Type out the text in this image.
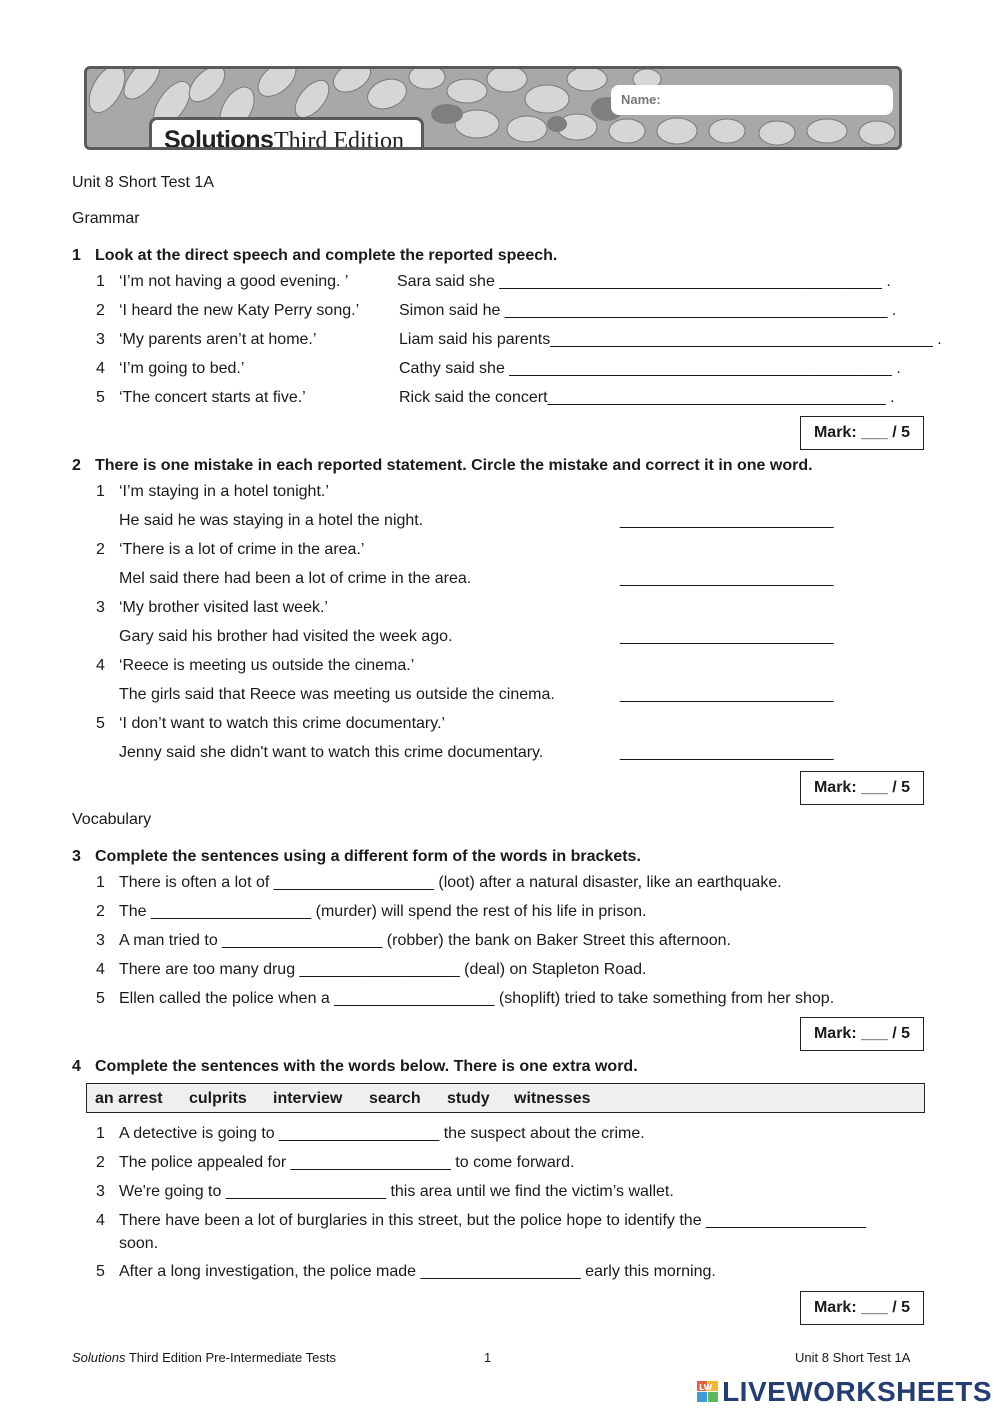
Name:
Solutions Third Edition
Unit 8 Short Test 1A
Grammar
1 Look at the direct speech and complete the reported speech.
1 ‘I’m not having a good evening. ’	Sara said she ___________________________________________ .
2 ‘I heard the new Katy Perry song.’ Simon said he ___________________________________________ .
3 ‘My parents aren’t at home.’	Liam said his parents___________________________________________ .
4 ‘I’m going to bed.’	Cathy said she ___________________________________________ .
5 ‘The concert starts at five.’	Rick said the concert______________________________________ .
Mark: ___ / 5
2 There is one mistake in each reported statement. Circle the mistake and correct it in one word.
1 ‘I’m staying in a hotel tonight.’
He said he was staying in a hotel the night.	________________________
2 ‘There is a lot of crime in the area.’
Mel said there had been a lot of crime in the area.	________________________
3 ‘My brother visited last week.’
Gary said his brother had visited the week ago.	________________________
4 ‘Reece is meeting us outside the cinema.’
The girls said that Reece was meeting us outside the cinema.	________________________
5 ‘I don’t want to watch this crime documentary.’
Jenny said she didn't want to watch this crime documentary.	________________________
Mark: ___ / 5
Vocabulary
3 Complete the sentences using a different form of the words in brackets.
1 There is often a lot of __________________ (loot) after a natural disaster, like an earthquake.
2 The __________________ (murder) will spend the rest of his life in prison.
3 A man tried to __________________ (robber) the bank on Baker Street this afternoon.
4 There are too many drug __________________ (deal) on Stapleton Road.
5 Ellen called the police when a __________________ (shoplift) tried to take something from her shop.
Mark: ___ / 5
4 Complete the sentences with the words below. There is one extra word.
an arrest culprits interview search study witnesses
1 A detective is going to __________________ the suspect about the crime.
2 The police appealed for __________________ to come forward.
3 We're going to __________________ this area until we find the victim’s wallet.
4 There have been a lot of burglaries in this street, but the police hope to identify the __________________
soon.
5 After a long investigation, the police made __________________ early this morning.
Mark: ___ / 5
Solutions Third Edition Pre-Intermediate Tests	1	Unit 8 Short Test 1A
LW LIVEWORKSHEETS
